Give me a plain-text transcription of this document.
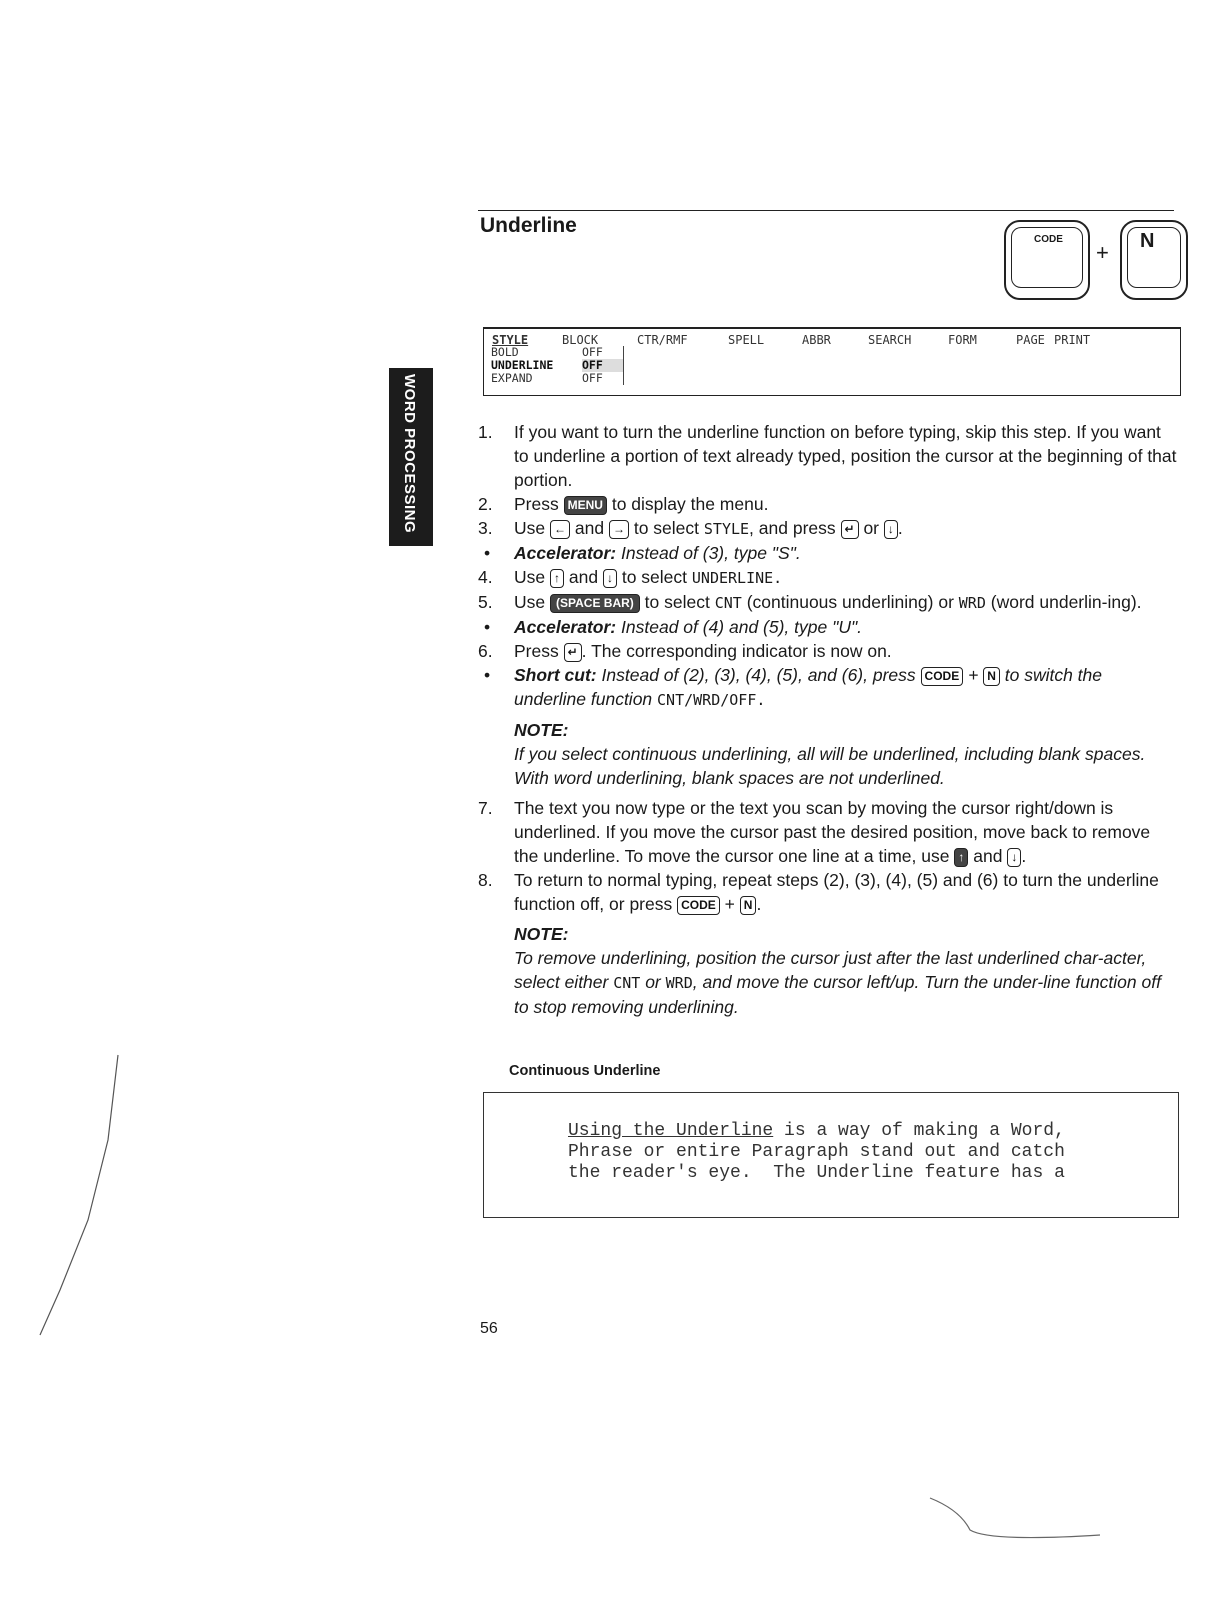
Underline
CODE
+ N
WORD PROCESSING
STYLE	BLOCK	CTR/RMF	SPELL	ABBR	SEARCH	FORM	PAGE PRINT
BOLD	OFF
UNDERLINE OFF
EXPAND	OFF
1. If you want to turn the underline function on before typing, skip this step. If you want to underline a portion of text already typed, position the cursor at the beginning of that portion.
2. Press MENU to display the menu.
3. Use ← and → to select STYLE, and press ↵ or ↓ .
• Accelerator: Instead of (3), type "S".
4. Use ↑ and ↓ to select UNDERLINE.
5. Use (SPACE BAR) to select CNT (continuous underlining) or WRD (word underlin-ing).
• Accelerator: Instead of (4) and (5), type "U".
6. Press ↵ . The corresponding indicator is now on.
• Short cut: Instead of (2), (3), (4), (5), and (6), press CODE + N to switch the underline function CNT/WRD/OFF.
NOTE:
If you select continuous underlining, all will be underlined, including blank spaces. With word underlining, blank spaces are not underlined.
7. The text you now type or the text you scan by moving the cursor right/down is underlined. If you move the cursor past the desired position, move back to remove the underline. To move the cursor one line at a time, use ↑ and ↓ .
8. To return to normal typing, repeat steps (2), (3), (4), (5) and (6) to turn the underline function off, or press CODE + N .
NOTE:
To remove underlining, position the cursor just after the last underlined char-acter, select either CNT or WRD, and move the cursor left/up. Turn the under-line function off to stop removing underlining.
Continuous Underline
Using the Underline is a way of making a Word,
Phrase or entire Paragraph stand out and catch
the reader's eye.  The Underline feature has a
56
